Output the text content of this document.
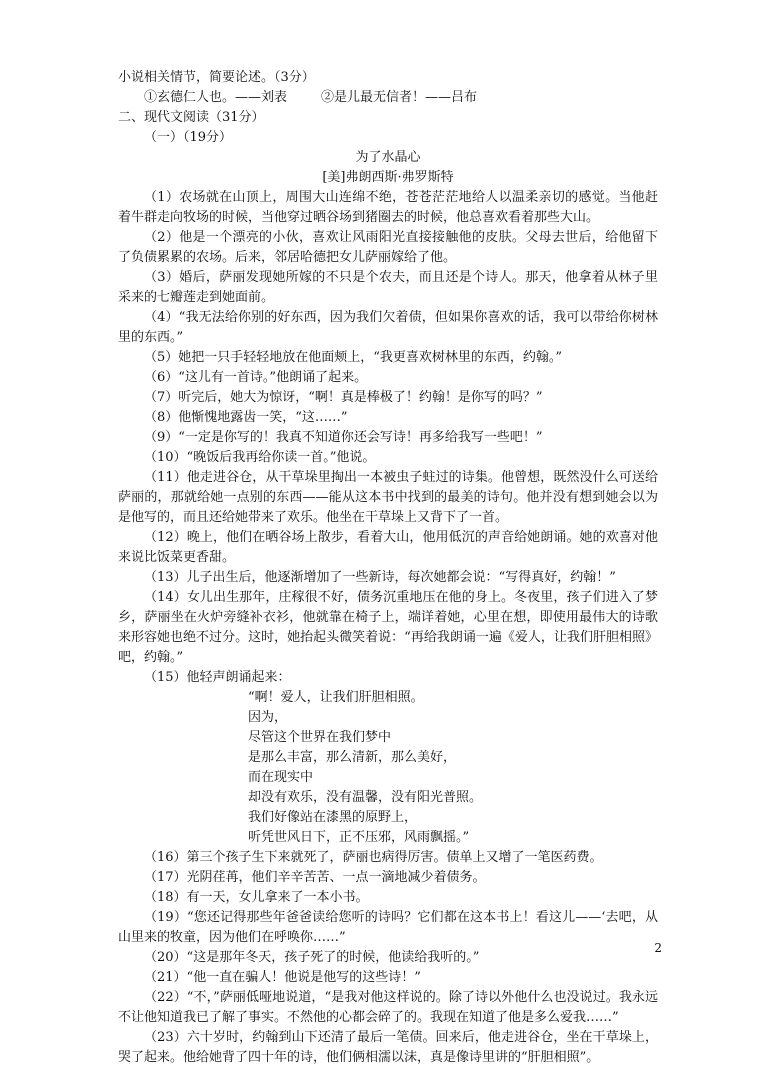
小说相关情节，简要论述。（3分）

①玄德仁人也。——刘表	②是儿最无信者！——吕布

二、现代文阅读（31分）

（一）（19分）

为了水晶心

[美]弗朗西斯·弗罗斯特

（1）农场就在山顶上，周围大山连绵不绝，苍苍茫茫地给人以温柔亲切的感觉。当他赶着牛群走向牧场的时候，当他穿过晒谷场到猪圈去的时候，他总喜欢看着那些大山。

（2）他是一个漂亮的小伙，喜欢让风雨阳光直接接触他的皮肤。父母去世后，给他留下了负债累累的农场。后来，邻居哈德把女儿萨丽嫁给了他。

（3）婚后，萨丽发现她所嫁的不只是个农夫，而且还是个诗人。那天，他拿着从林子里采来的七瓣莲走到她面前。

（4）“我无法给你别的好东西，因为我们欠着债，但如果你喜欢的话，我可以带给你树林里的东西。”

（5）她把一只手轻轻地放在他面颊上，“我更喜欢树林里的东西，约翰。”

（6）“这儿有一首诗。”他朗诵了起来。

（7）听完后，她大为惊讶，“啊！真是棒极了！约翰！是你写的吗？”

（8）他惭愧地露齿一笑，“这……”

（9）“一定是你写的！我真不知道你还会写诗！再多给我写一些吧！”

（10）“晚饭后我再给你读一首。”他说。

（11）他走进谷仓，从干草垛里掏出一本被虫子蛀过的诗集。他曾想，既然没什么可送给萨丽的，那就给她一点别的东西——能从这本书中找到的最美的诗句。他并没有想到她会以为是他写的，而且还给她带来了欢乐。他坐在干草垛上又背下了一首。

（12）晚上，他们在晒谷场上散步，看着大山，他用低沉的声音给她朗诵。她的欢喜对他来说比饭菜更香甜。

（13）儿子出生后，他逐渐增加了一些新诗，每次她都会说：“写得真好，约翰！”

（14）女儿出生那年，庄稼很不好，债务沉重地压在他的身上。冬夜里，孩子们进入了梦乡，萨丽坐在火炉旁缝补衣衫，他就靠在椅子上，端详着她，心里在想，即使用最伟大的诗歌来形容她也绝不过分。这时，她抬起头微笑着说：“再给我朗诵一遍《爱人，让我们肝胆相照》吧，约翰。”

（15）他轻声朗诵起来：

“啊！爱人，让我们肝胆相照。

因为，

尽管这个世界在我们梦中

是那么丰富，那么清新，那么美好，

而在现实中

却没有欢乐，没有温馨，没有阳光普照。

我们好像站在漆黑的原野上，

听凭世风日下，正不压邪，风雨飘摇。”

（16）第三个孩子生下来就死了，萨丽也病得厉害。债单上又增了一笔医药费。

（17）光阴荏苒，他们辛辛苦苦、一点一滴地减少着债务。

（18）有一天，女儿拿来了一本小书。

（19）“您还记得那些年爸爸读给您听的诗吗？它们都在这本书上！看这儿——‘去吧，从山里来的牧童，因为他们在呼唤你……”

（20）“这是那年冬天，孩子死了的时候，他读给我听的。”

（21）“他一直在骗人！他说是他写的这些诗！”

（22）“不，”萨丽低哑地说道，“是我对他这样说的。除了诗以外他什么也没说过。我永远不让他知道我已了解了事实。不然他的心都会碎了的。我现在知道了他是多么爱我……”

（23）六十岁时，约翰到山下还清了最后一笔债。回来后，他走进谷仓，坐在干草垛上，哭了起来。他给她背了四十年的诗，他们俩相濡以沫，真是像诗里讲的“肝胆相照”。

2
